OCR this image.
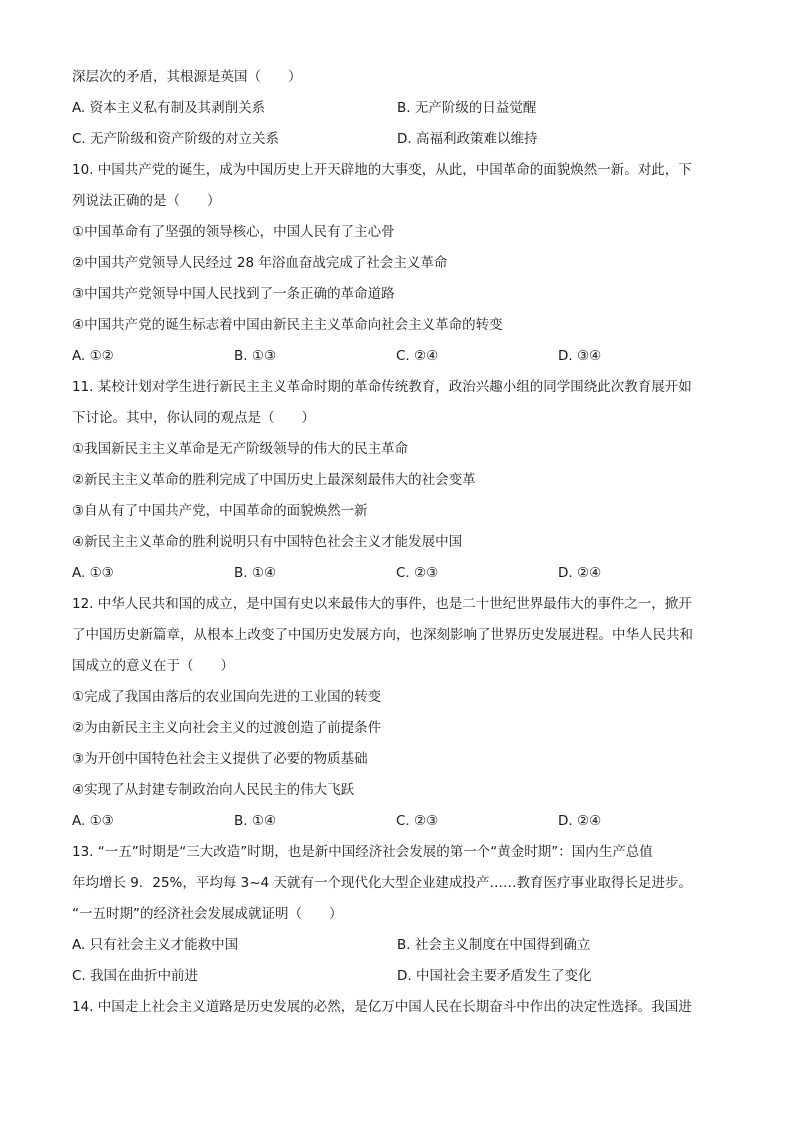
深层次的矛盾，其根源是英国（　　）
A. 资本主义私有制及其剥削关系	B. 无产阶级的日益觉醒
C. 无产阶级和资产阶级的对立关系	D. 高福利政策难以维持
10. 中国共产党的诞生，成为中国历史上开天辟地的大事变，从此，中国革命的面貌焕然一新。对此，下
列说法正确的是（　　）
①中国革命有了坚强的领导核心，中国人民有了主心骨
②中国共产党领导人民经过 28 年浴血奋战完成了社会主义革命
③中国共产党领导中国人民找到了一条正确的革命道路
④中国共产党的诞生标志着中国由新民主主义革命向社会主义革命的转变
A. ①②	B. ①③	C. ②④	D. ③④
11. 某校计划对学生进行新民主主义革命时期的革命传统教育，政治兴趣小组的同学围绕此次教育展开如
下讨论。其中，你认同的观点是（　　）
①我国新民主主义革命是无产阶级领导的伟大的民主革命
②新民主主义革命的胜利完成了中国历史上最深刻最伟大的社会变革
③自从有了中国共产党，中国革命的面貌焕然一新
④新民主主义革命的胜利说明只有中国特色社会主义才能发展中国
A. ①③	B. ①④	C. ②③	D. ②④
12. 中华人民共和国的成立，是中国有史以来最伟大的事件，也是二十世纪世界最伟大的事件之一，掀开
了中国历史新篇章，从根本上改变了中国历史发展方向，也深刻影响了世界历史发展进程。中华人民共和
国成立的意义在于（　　）
①完成了我国由落后的农业国向先进的工业国的转变
②为由新民主主义向社会主义的过渡创造了前提条件
③为开创中国特色社会主义提供了必要的物质基础
④实现了从封建专制政治向人民民主的伟大飞跃
A. ①③	B. ①④	C. ②③	D. ②④
13. “一五”时期是“三大改造”时期，也是新中国经济社会发展的第一个“黄金时期”：国内生产总值
年均增长 9．25%，平均每 3~4 天就有一个现代化大型企业建成投产……教育医疗事业取得长足进步。
“一五时期”的经济社会发展成就证明（　　）
A. 只有社会主义才能救中国	B. 社会主义制度在中国得到确立
C. 我国在曲折中前进	D. 中国社会主要矛盾发生了变化
14. 中国走上社会主义道路是历史发展的必然，是亿万中国人民在长期奋斗中作出的决定性选择。我国进
